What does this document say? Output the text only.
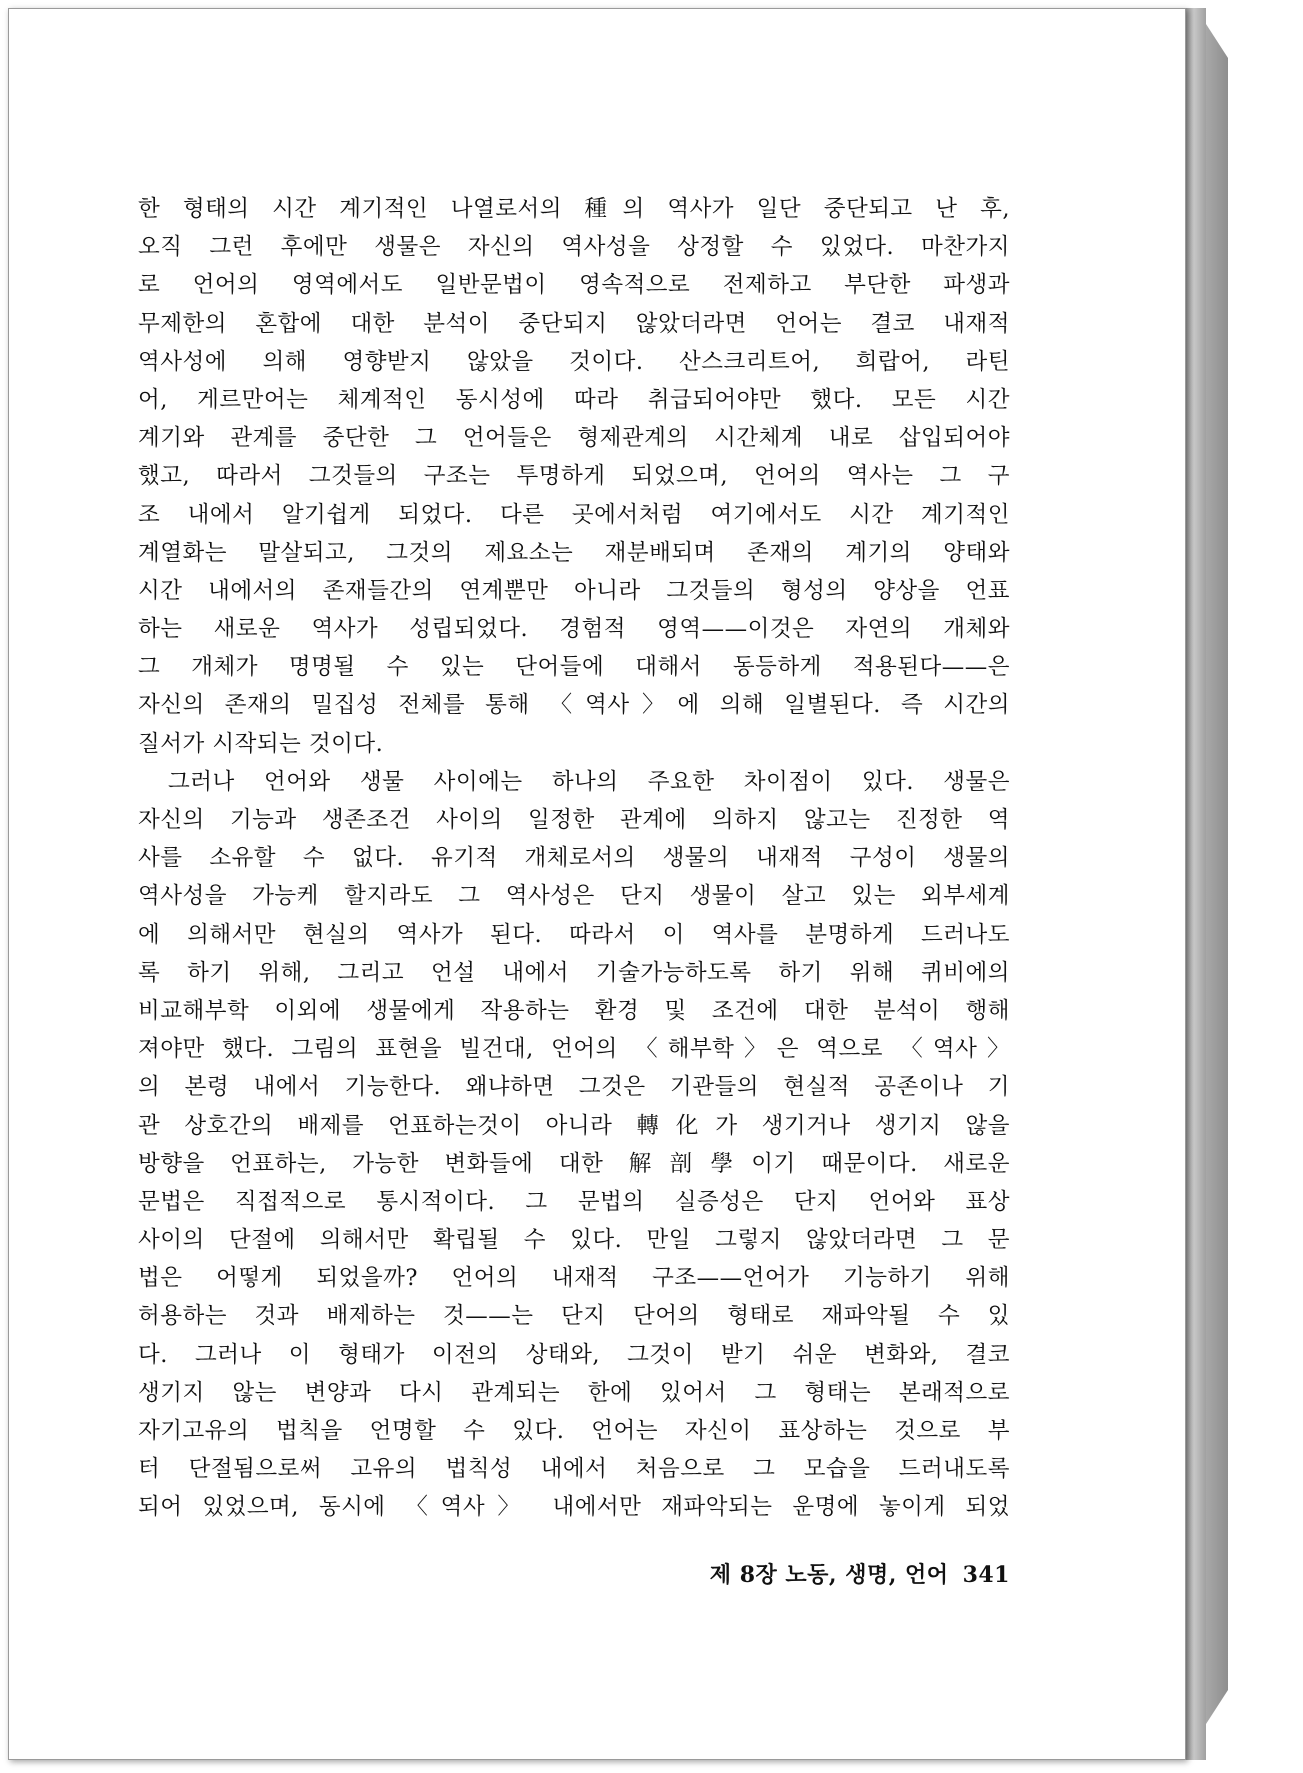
한 형태의 시간 계기적인 나열로서의 種의 역사가 일단 중단되고 난 후,
오직 그런 후에만 생물은 자신의 역사성을 상정할 수 있었다. 마찬가지
로 언어의 영역에서도 일반문법이 영속적으로 전제하고 부단한 파생과
무제한의 혼합에 대한 분석이 중단되지 않았더라면 언어는 결코 내재적
역사성에 의해 영향받지 않았을 것이다. 산스크리트어, 희랍어, 라틴
어, 게르만어는 체계적인 동시성에 따라 취급되어야만 했다. 모든 시간
계기와 관계를 중단한 그 언어들은 형제관계의 시간체계 내로 삽입되어야
했고, 따라서 그것들의 구조는 투명하게 되었으며, 언어의 역사는 그 구
조 내에서 알기쉽게 되었다. 다른 곳에서처럼 여기에서도 시간 계기적인
계열화는 말살되고, 그것의 제요소는 재분배되며 존재의 계기의 양태와
시간 내에서의 존재들간의 연계뿐만 아니라 그것들의 형성의 양상을 언표
하는 새로운 역사가 성립되었다. 경험적 영역——이것은 자연의 개체와
그 개체가 명명될 수 있는 단어들에 대해서 동등하게 적용된다——은
자신의 존재의 밀집성 전체를 통해 〈역사〉에 의해 일별된다. 즉 시간의
질서가 시작되는 것이다.
그러나 언어와 생물 사이에는 하나의 주요한 차이점이 있다. 생물은
자신의 기능과 생존조건 사이의 일정한 관계에 의하지 않고는 진정한 역
사를 소유할 수 없다. 유기적 개체로서의 생물의 내재적 구성이 생물의
역사성을 가능케 할지라도 그 역사성은 단지 생물이 살고 있는 외부세계
에 의해서만 현실의 역사가 된다. 따라서 이 역사를 분명하게 드러나도
록 하기 위해, 그리고 언설 내에서 기술가능하도록 하기 위해 퀴비에의
비교해부학 이외에 생물에게 작용하는 환경 및 조건에 대한 분석이 행해
져야만 했다. 그림의 표현을 빌건대, 언어의 〈해부학〉은 역으로 〈역사〉
의 본령 내에서 기능한다. 왜냐하면 그것은 기관들의 현실적 공존이나 기
관 상호간의 배제를 언표하는것이 아니라 轉化가 생기거나 생기지 않을
방향을 언표하는, 가능한 변화들에 대한 解剖學이기 때문이다. 새로운
문법은 직접적으로 통시적이다. 그 문법의 실증성은 단지 언어와 표상
사이의 단절에 의해서만 확립될 수 있다. 만일 그렇지 않았더라면 그 문
법은 어떻게 되었을까? 언어의 내재적 구조——언어가 기능하기 위해
허용하는 것과 배제하는 것——는 단지 단어의 형태로 재파악될 수 있
다. 그러나 이 형태가 이전의 상태와, 그것이 받기 쉬운 변화와, 결코
생기지 않는 변양과 다시 관계되는 한에 있어서 그 형태는 본래적으로
자기고유의 법칙을 언명할 수 있다. 언어는 자신이 표상하는 것으로 부
터 단절됨으로써 고유의 법칙성 내에서 처음으로 그 모습을 드러내도록
되어 있었으며, 동시에 〈역사〉 내에서만 재파악되는 운명에 놓이게 되었
제 8장 노동, 생명, 언어 341
